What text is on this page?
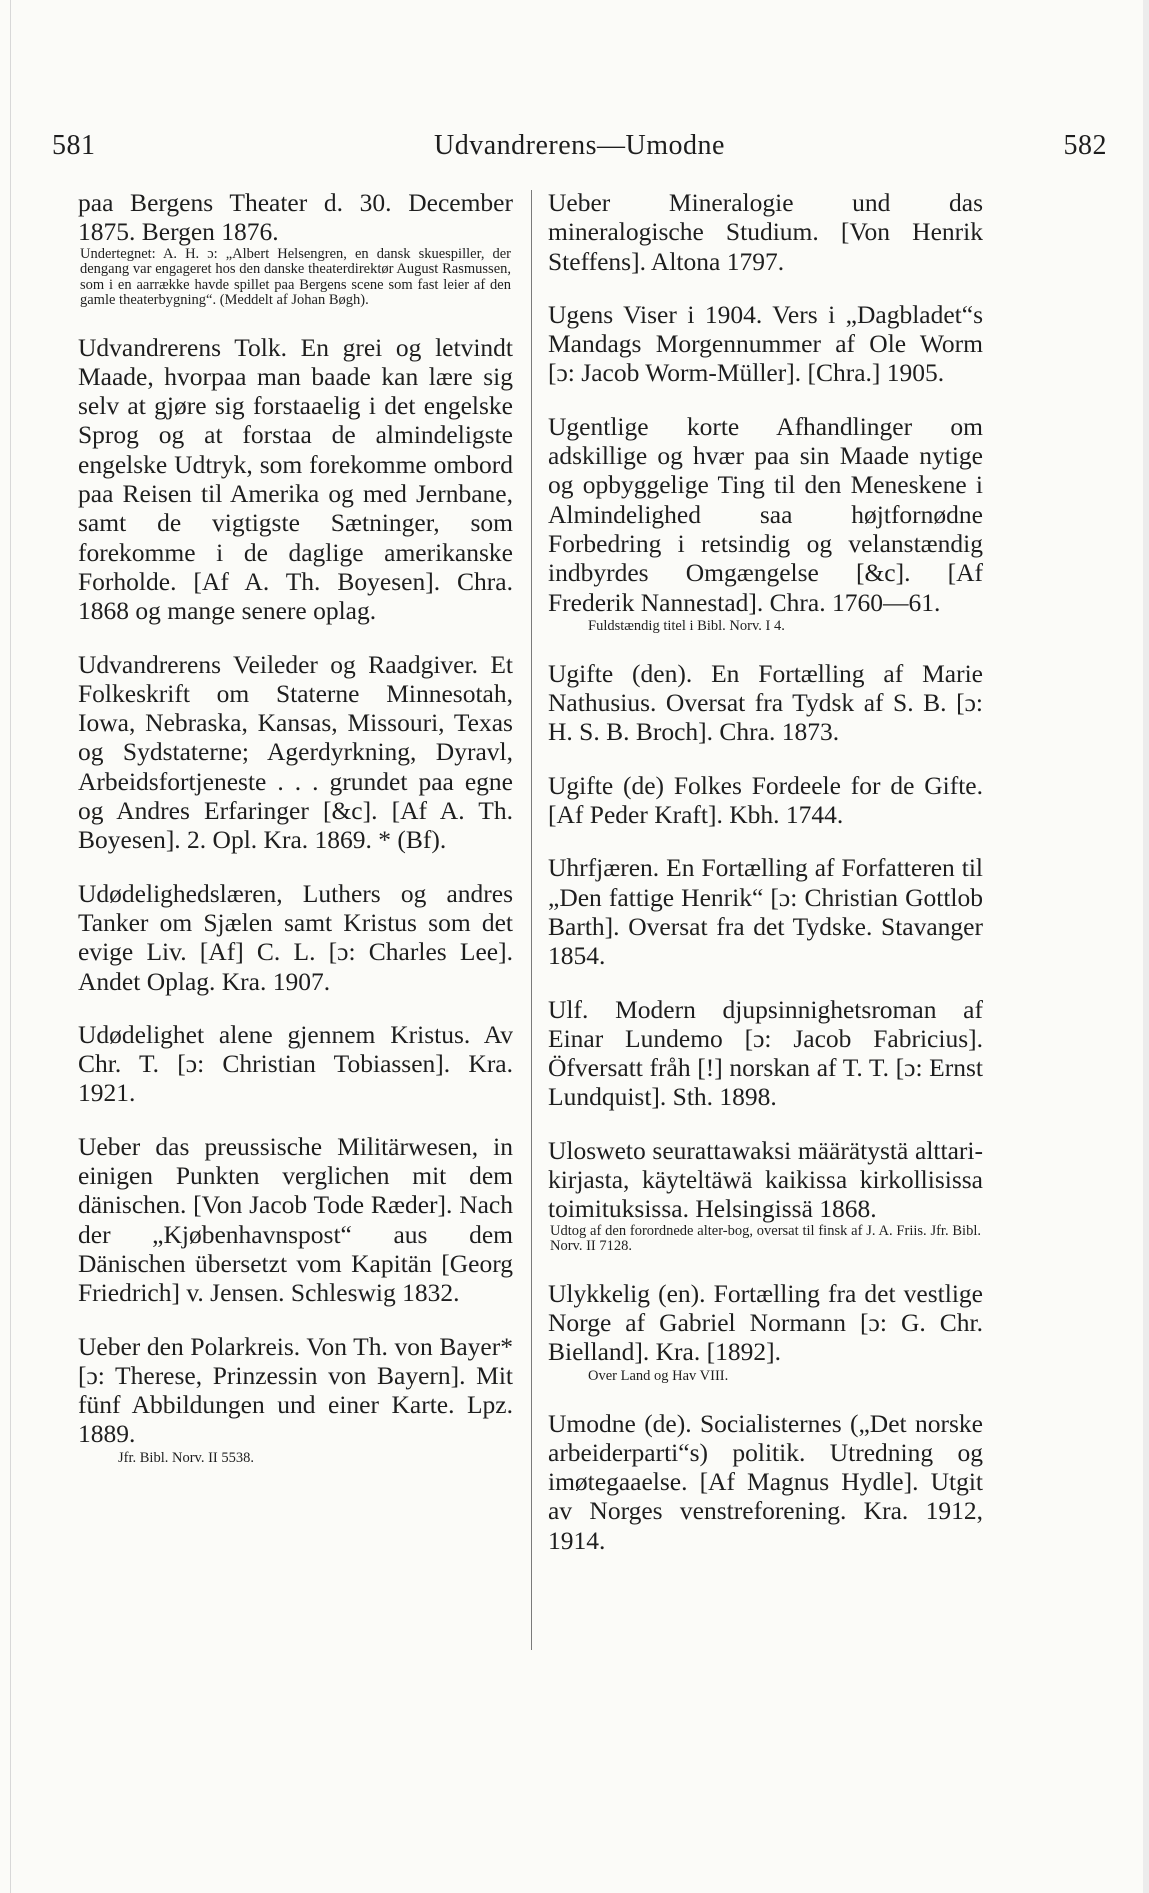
581	Udvandrerens—Umodne	582

paa Bergens Theater d. 30. December 1875. Bergen 1876.

Undertegnet: A. H. ɔ: „Albert Helsengren, en dansk skuespiller, der dengang var engageret hos den danske theaterdirektør August Rasmussen, som i en aarrække havde spillet paa Bergens scene som fast leier af den gamle theaterbygning“. (Meddelt af Johan Bøgh).

Udvandrerens Tolk. En grei og letvindt Maade, hvorpaa man baade kan lære sig selv at gjøre sig forstaaelig i det engelske Sprog og at forstaa de almindeligste engelske Udtryk, som forekomme ombord paa Reisen til Amerika og med Jernbane, samt de vigtigste Sætninger, som forekomme i de daglige amerikanske Forholde. [Af A. Th. Boyesen]. Chra. 1868 og mange senere oplag.

Udvandrerens Veileder og Raadgiver. Et Folkeskrift om Staterne Minnesotah, Iowa, Nebraska, Kansas, Missouri, Texas og Sydstaterne; Agerdyrkning, Dyravl, Arbeidsfortjeneste . . . grundet paa egne og Andres Erfaringer [&c]. [Af A. Th. Boyesen]. 2. Opl. Kra. 1869. * (Bf).

Udødelighedslæren, Luthers og andres Tanker om Sjælen samt Kristus som det evige Liv. [Af] C. L. [ɔ: Charles Lee]. Andet Oplag. Kra. 1907.

Udødelighet alene gjennem Kristus. Av Chr. T. [ɔ: Christian Tobiassen]. Kra. 1921.

Ueber das preussische Militärwesen, in einigen Punkten verglichen mit dem dänischen. [Von Jacob Tode Ræder]. Nach der „Kjøbenhavnspost“ aus dem Dänischen übersetzt vom Kapitän [Georg Friedrich] v. Jensen. Schleswig 1832.

Ueber den Polarkreis. Von Th. von Bayer* [ɔ: Therese, Prinzessin von Bayern]. Mit fünf Abbildungen und einer Karte. Lpz. 1889.

Jfr. Bibl. Norv. II 5538.

Ueber Mineralogie und das mineralogische Studium. [Von Henrik Steffens]. Altona 1797.

Ugens Viser i 1904. Vers i „Dagbladet“s Mandags Morgennummer af Ole Worm [ɔ: Jacob Worm-Müller]. [Chra.] 1905.

Ugentlige korte Afhandlinger om adskillige og hvær paa sin Maade nytige og opbyggelige Ting til den Meneskene i Almindelighed saa højtfornødne Forbedring i retsindig og velanstændig indbyrdes Omgængelse [&c]. [Af Frederik Nannestad]. Chra. 1760—61.

Fuldstændig titel i Bibl. Norv. I 4.

Ugifte (den). En Fortælling af Marie Nathusius. Oversat fra Tydsk af S. B. [ɔ: H. S. B. Broch]. Chra. 1873.

Ugifte (de) Folkes Fordeele for de Gifte. [Af Peder Kraft]. Kbh. 1744.

Uhrfjæren. En Fortælling af Forfatteren til „Den fattige Henrik“ [ɔ: Christian Gottlob Barth]. Oversat fra det Tydske. Stavanger 1854.

Ulf. Modern djupsinnighetsroman af Einar Lundemo [ɔ: Jacob Fabricius]. Öfversatt fråh [!] norskan af T. T. [ɔ: Ernst Lundquist]. Sth. 1898.

Ulosweto seurattawaksi määrätystä alttari-kirjasta, käyteltäwä kaikissa kirkollisissa toimituksissa. Helsingissä 1868.

Udtog af den forordnede alter-bog, oversat til finsk af J. A. Friis. Jfr. Bibl. Norv. II 7128.

Ulykkelig (en). Fortælling fra det vestlige Norge af Gabriel Normann [ɔ: G. Chr. Bielland]. Kra. [1892].

Over Land og Hav VIII.

Umodne (de). Socialisternes („Det norske arbeiderparti“s) politik. Utredning og imøtegaaelse. [Af Magnus Hydle]. Utgit av Norges venstreforening. Kra. 1912, 1914.
